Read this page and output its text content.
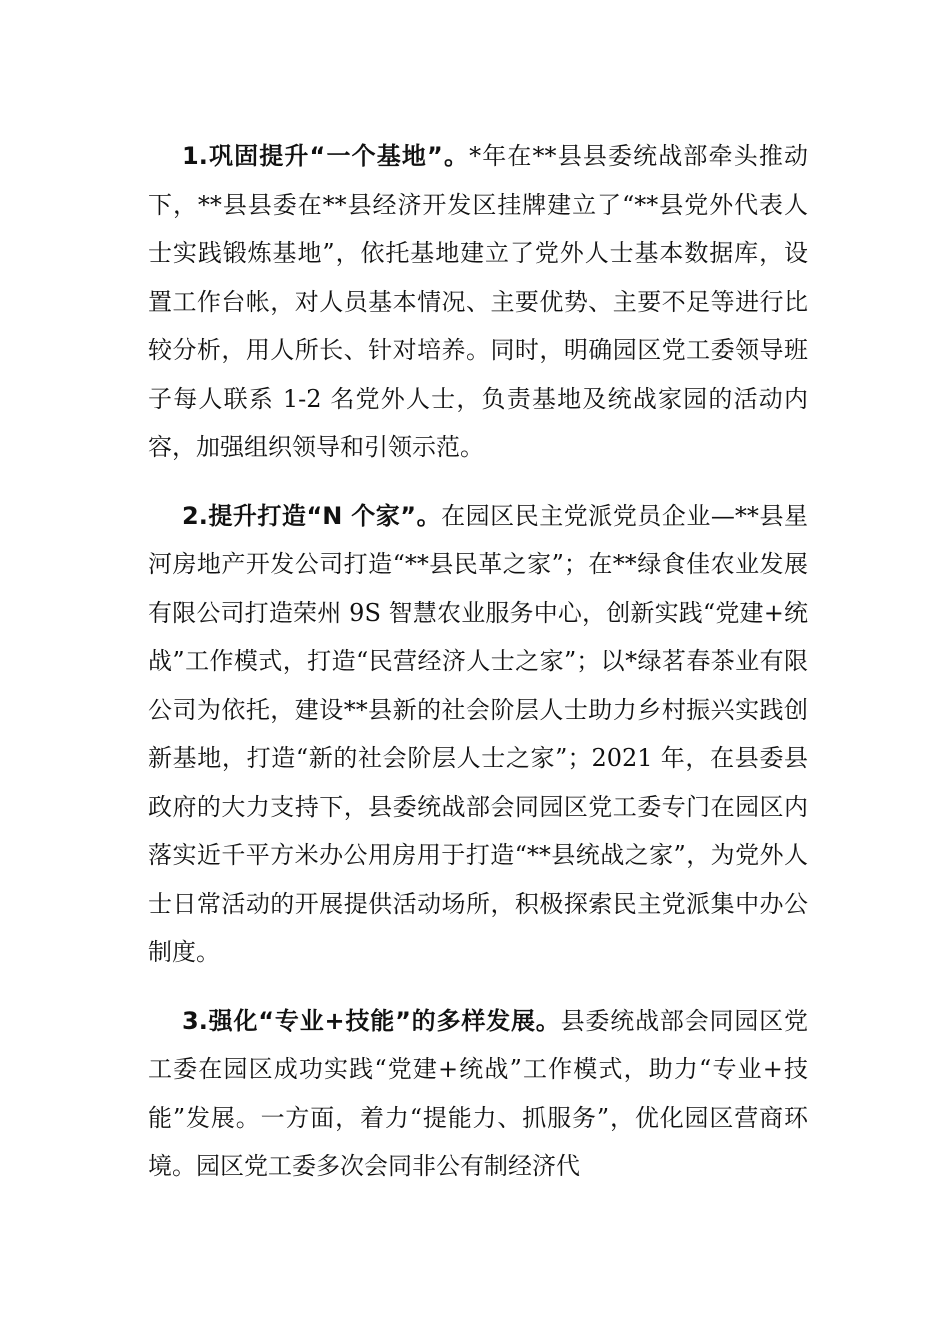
1.巩固提升“一个基地”。*年在**县县委统战部牵头推动下，**县县委在**县经济开发区挂牌建立了“**县党外代表人士实践锻炼基地”，依托基地建立了党外人士基本数据库，设置工作台帐，对人员基本情况、主要优势、主要不足等进行比较分析，用人所长、针对培养。同时，明确园区党工委领导班子每人联系 1-2 名党外人士，负责基地及统战家园的活动内容，加强组织领导和引领示范。

2.提升打造“N 个家”。在园区民主党派党员企业—**县星河房地产开发公司打造“**县民革之家”；在**绿食佳农业发展有限公司打造荣州 9S 智慧农业服务中心，创新实践“党建+统战”工作模式，打造“民营经济人士之家”；以*绿茗春茶业有限公司为依托，建设**县新的社会阶层人士助力乡村振兴实践创新基地，打造“新的社会阶层人士之家”；2021 年，在县委县政府的大力支持下，县委统战部会同园区党工委专门在园区内落实近千平方米办公用房用于打造“**县统战之家”，为党外人士日常活动的开展提供活动场所，积极探索民主党派集中办公制度。

3.强化“专业+技能”的多样发展。县委统战部会同园区党工委在园区成功实践“党建+统战”工作模式，助力“专业+技能”发展。一方面，着力“提能力、抓服务”，优化园区营商环境。园区党工委多次会同非公有制经济代
